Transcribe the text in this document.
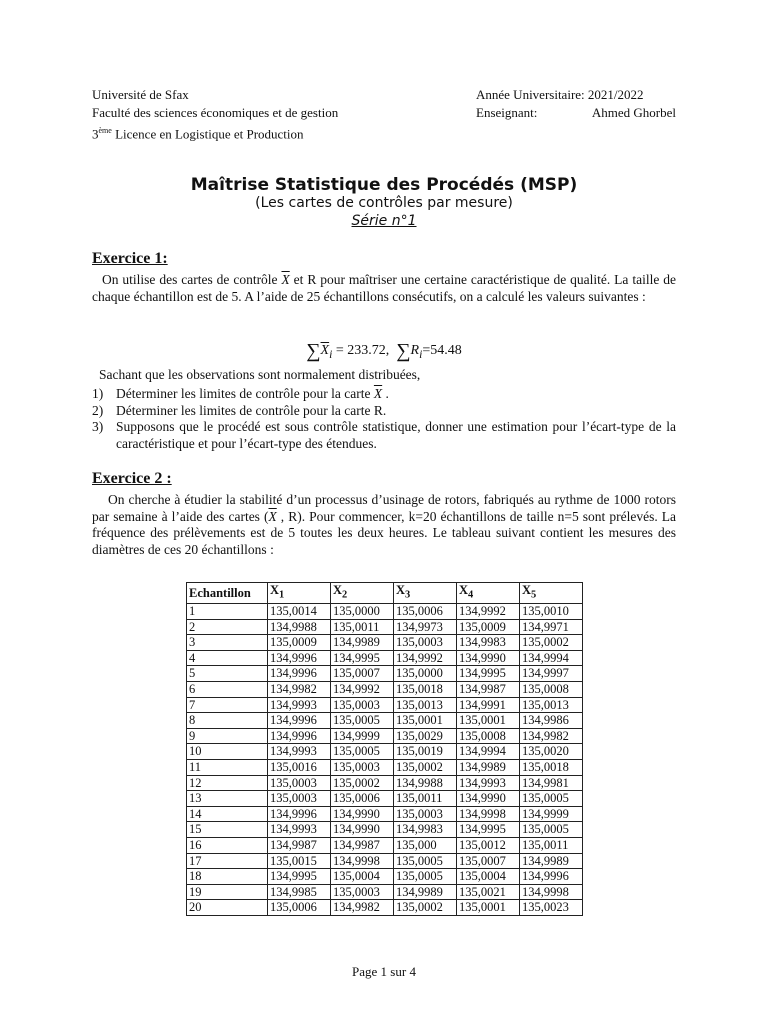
Université de Sfax
Faculté des sciences économiques et de gestion
3ème Licence en Logistique et Production
Année Universitaire: 2021/2022
Enseignant:	Ahmed Ghorbel
Maîtrise Statistique des Procédés (MSP)
(Les cartes de contrôles par mesure)
Série n°1
Exercice 1:
On utilise des cartes de contrôle $\overline{X}$ et R pour maîtriser une certaine caractéristique de qualité. La taille de chaque échantillon est de 5. A l’aide de 25 échantillons consécutifs, on a calculé les valeurs suivantes :
$\sum\overline{X}_i = 233.72$, $\sum R_i=54.48$
Sachant que les observations sont normalement distribuées,
1) Déterminer les limites de contrôle pour la carte $\overline{X}$ .
2) Déterminer les limites de contrôle pour la carte R.
3) Supposons que le procédé est sous contrôle statistique, donner une estimation pour l’écart-type de la caractéristique et pour l’écart-type des étendues.
Exercice 2 :
On cherche à étudier la stabilité d’un processus d’usinage de rotors, fabriqués au rythme de 1000 rotors par semaine à l’aide des cartes ($\overline{X}$ , R). Pour commencer, k=20 échantillons de taille n=5 sont prélevés. La fréquence des prélèvements est de 5 toutes les deux heures. Le tableau suivant contient les mesures des diamètres de ces 20 échantillons :
Echantillon	$X_1$	$X_2$	$X_3$	$X_4$	$X_5$
1	135,0014	135,0000	135,0006	134,9992	135,0010
2	134,9988	135,0011	134,9973	135,0009	134,9971
3	135,0009	134,9989	135,0003	134,9983	135,0002
4	134,9996	134,9995	134,9992	134,9990	134,9994
5	134,9996	135,0007	135,0000	134,9995	134,9997
6	134,9982	134,9992	135,0018	134,9987	135,0008
7	134,9993	135,0003	135,0013	134,9991	135,0013
8	134,9996	135,0005	135,0001	135,0001	134,9986
9	134,9996	134,9999	135,0029	135,0008	134,9982
10	134,9993	135,0005	135,0019	134,9994	135,0020
11	135,0016	135,0003	135,0002	134,9989	135,0018
12	135,0003	135,0002	134,9988	134,9993	134,9981
13	135,0003	135,0006	135,0011	134,9990	135,0005
14	134,9996	134,9990	135,0003	134,9998	134,9999
15	134,9993	134,9990	134,9983	134,9995	135,0005
16	134,9987	134,9987	135,000	135,0012	135,0011
17	135,0015	134,9998	135,0005	135,0007	134,9989
18	134,9995	135,0004	135,0005	135,0004	134,9996
19	134,9985	135,0003	134,9989	135,0021	134,9998
20	135,0006	134,9982	135,0002	135,0001	135,0023
Page 1 sur 4
